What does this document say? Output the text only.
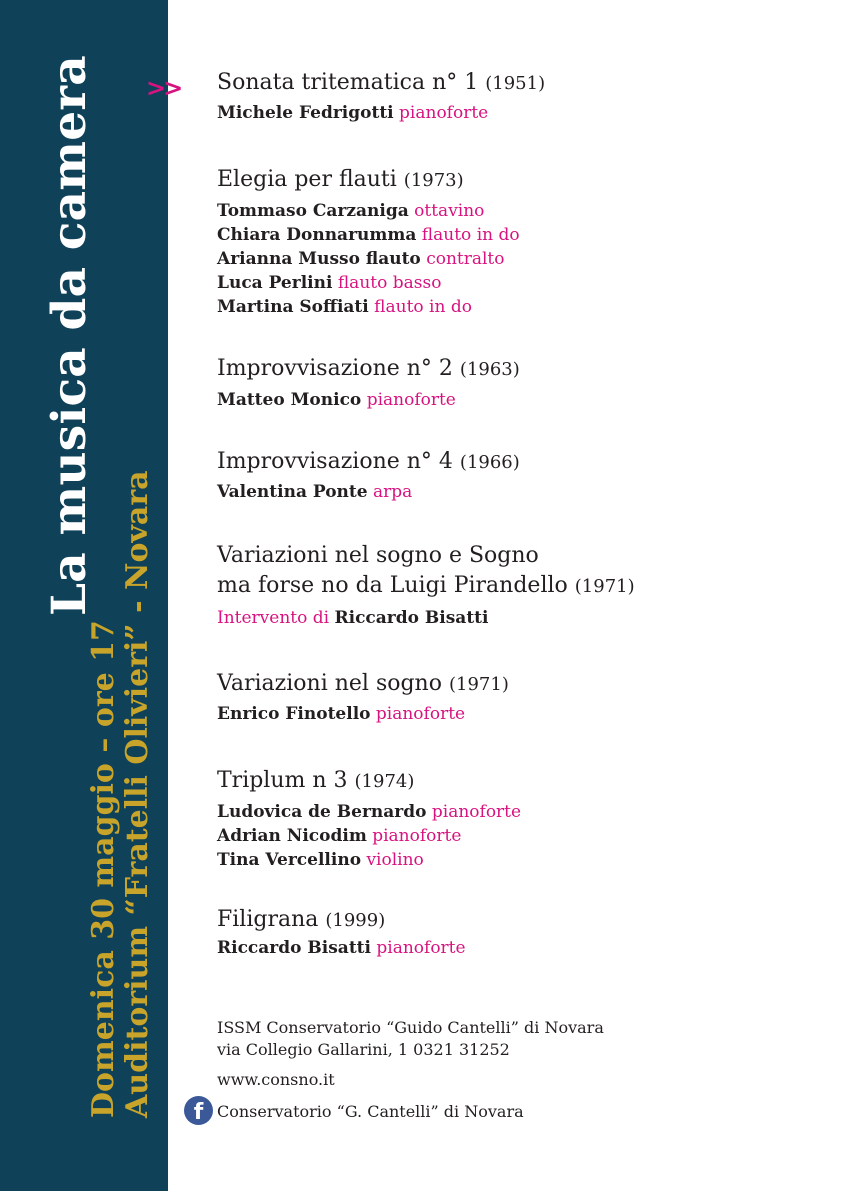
La musica da camera
Domenica 30 maggio – ore 17 Auditorium “Fratelli Olivieri” - Novara
>> Sonata tritematica n° 1 (1951)
Michele Fedrigotti pianoforte
Elegia per flauti (1973)
Tommaso Carzaniga ottavino
Chiara Donnarumma flauto in do
Arianna Musso flauto contralto
Luca Perlini flauto basso
Martina Soffiati flauto in do
Improvvisazione n° 2 (1963)
Matteo Monico pianoforte
Improvvisazione n° 4 (1966)
Valentina Ponte arpa
Variazioni nel sogno e Sogno
ma forse no da Luigi Pirandello (1971)
Intervento di Riccardo Bisatti
Variazioni nel sogno (1971)
Enrico Finotello pianoforte
Triplum n 3 (1974)
Ludovica de Bernardo pianoforte
Adrian Nicodim pianoforte
Tina Vercellino violino
Filigrana (1999)
Riccardo Bisatti pianoforte
ISSM Conservatorio “Guido Cantelli” di Novara
via Collegio Gallarini, 1 0321 31252
www.consno.it
f Conservatorio “G. Cantelli” di Novara
